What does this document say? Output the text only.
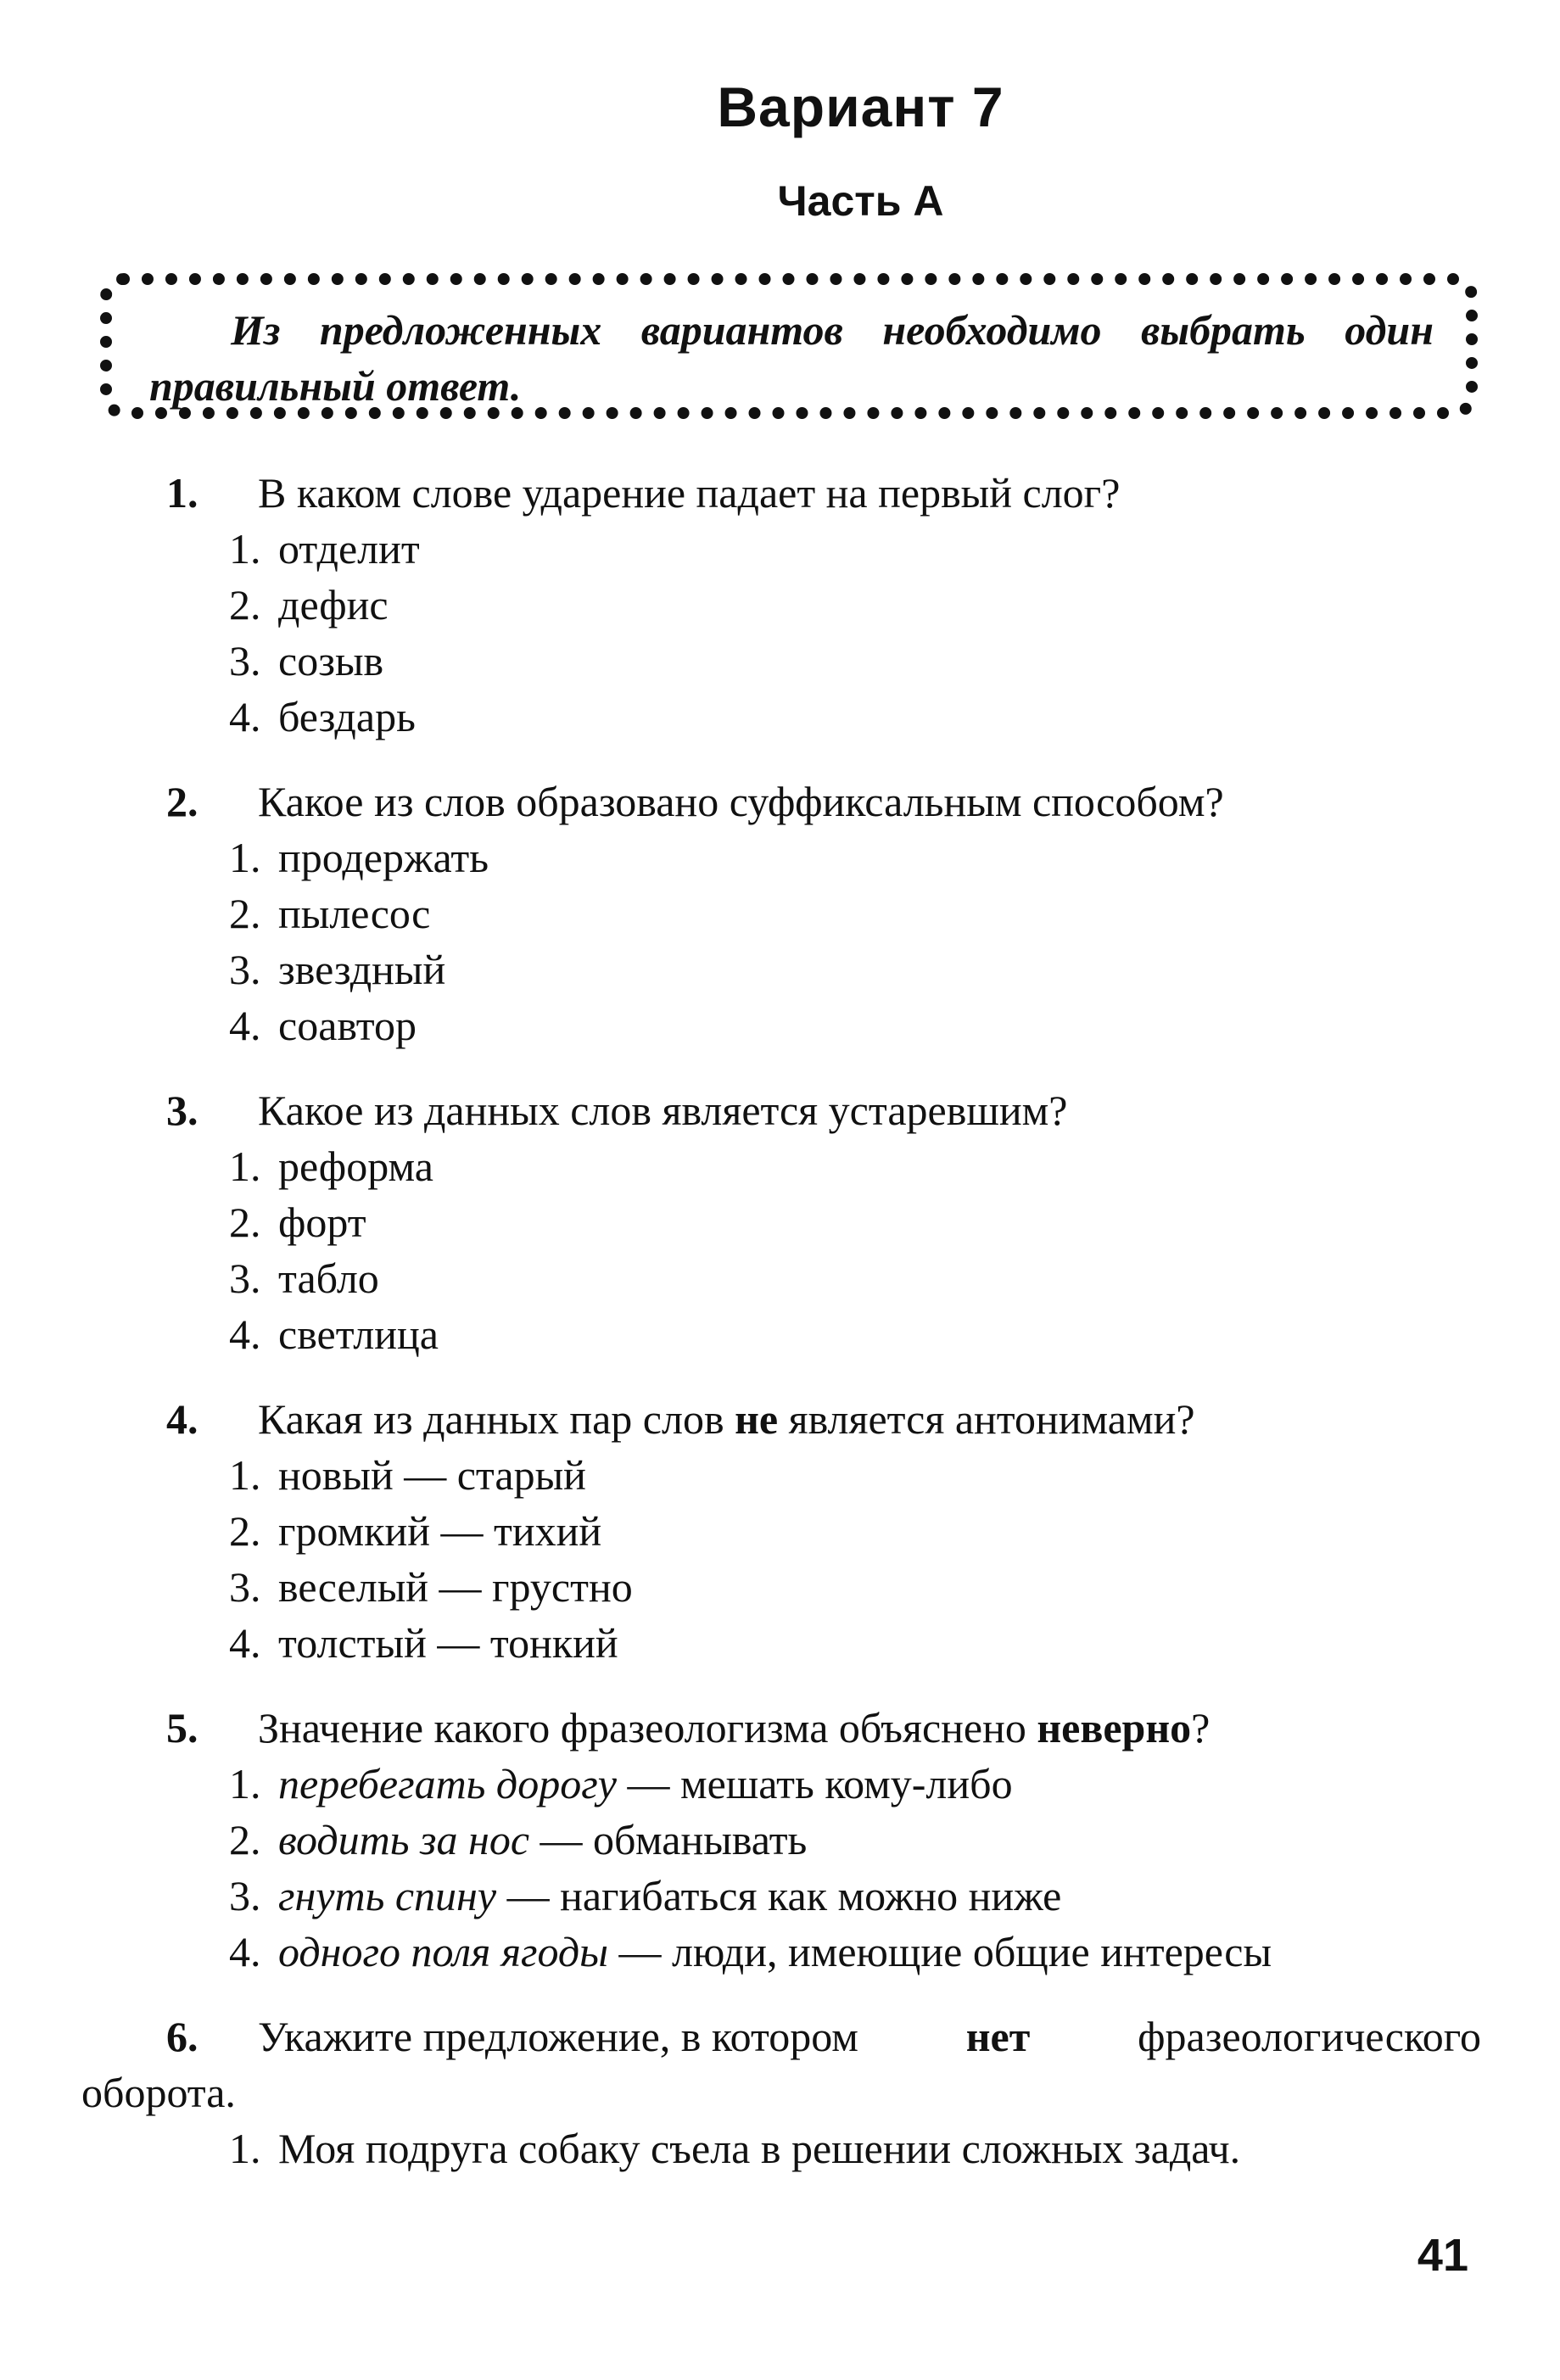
Вариант 7
Часть А
Из предложенных вариантов необходимо выбрать один правильный ответ.
1.	В каком слове ударение падает на первый слог?
1. отделит
2. дефис
3. созыв
4. бездарь
2.	Какое из слов образовано суффиксальным способом?
1. продержать
2. пылесос
3. звездный
4. соавтор
3.	Какое из данных слов является устаревшим?
1. реформа
2. форт
3. табло
4. светлица
4.	Какая из данных пар слов не является антонимами?
1. новый — старый
2. громкий — тихий
3. веселый — грустно
4. толстый — тонкий
5.	Значение какого фразеологизма объяснено неверно?
1. перебегать дорогу — мешать кому-либо
2. водить за нос — обманывать
3. гнуть спину — нагибаться как можно ниже
4. одного поля ягоды — люди, имеющие общие интересы
6. Укажите предложение, в котором	нет	фразеологического
оборота.
1. Моя подруга собаку съела в решении сложных задач.
41
